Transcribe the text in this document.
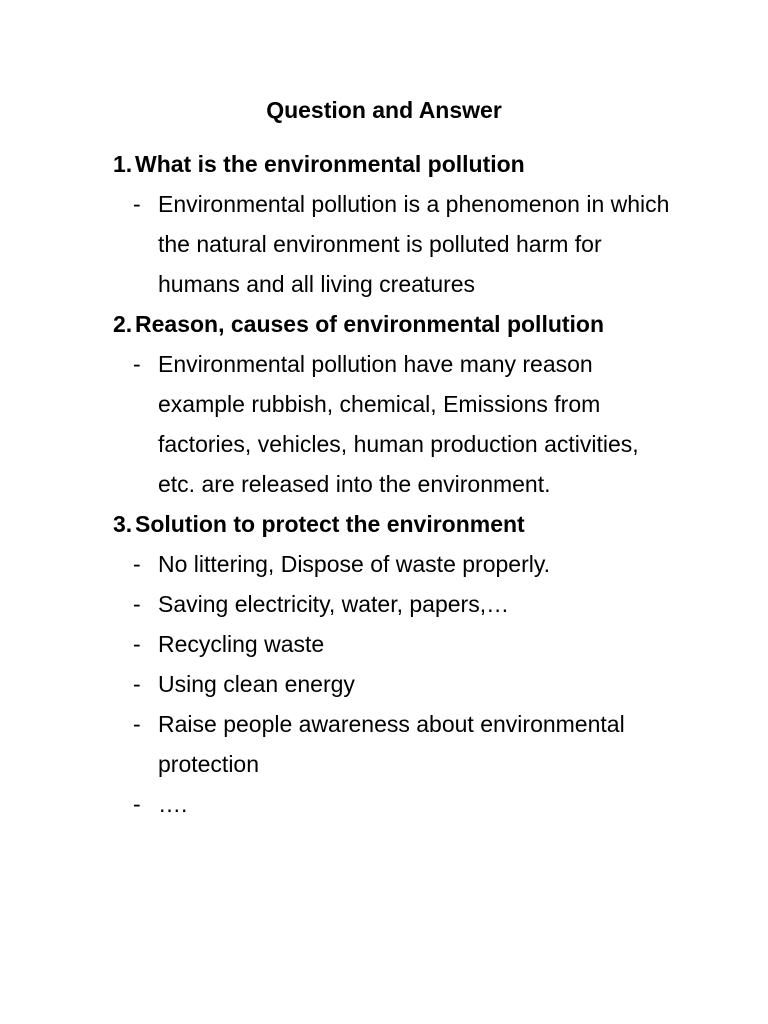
Question and Answer
1. What is the environmental pollution
- Environmental pollution is a phenomenon in which the natural environment is polluted harm for humans and all living creatures
2. Reason, causes of environmental pollution
- Environmental pollution have many reason example rubbish, chemical, Emissions from factories, vehicles, human production activities, etc. are released into the environment.
3. Solution to protect the environment
- No littering, Dispose of waste properly.
- Saving electricity, water, papers,…
- Recycling waste
- Using clean energy
- Raise people awareness about environmental protection
- ….
